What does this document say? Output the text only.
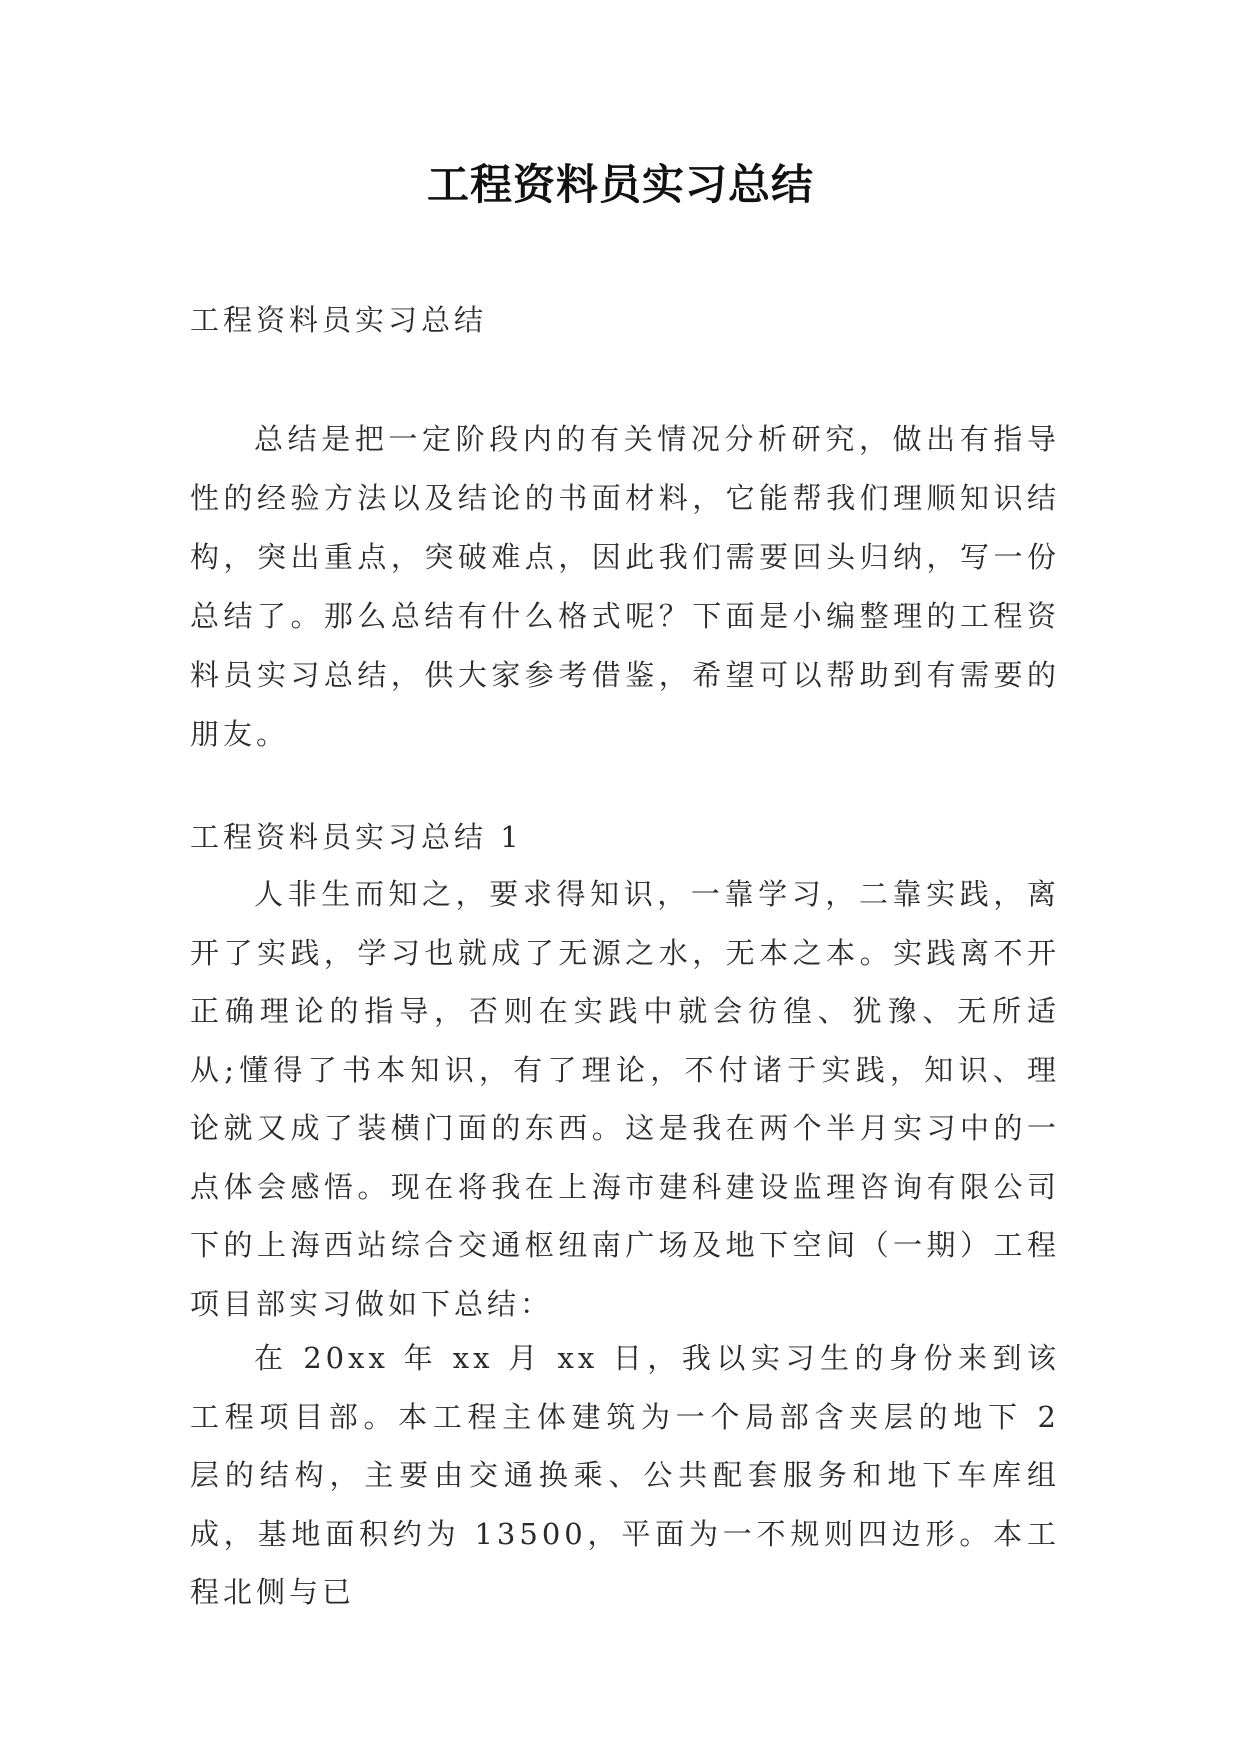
工程资料员实习总结
工程资料员实习总结
总结是把一定阶段内的有关情况分析研究，做出有指导性的经验方法以及结论的书面材料，它能帮我们理顺知识结构，突出重点，突破难点，因此我们需要回头归纳，写一份总结了。那么总结有什么格式呢？下面是小编整理的工程资料员实习总结，供大家参考借鉴，希望可以帮助到有需要的朋友。
工程资料员实习总结 1
人非生而知之，要求得知识，一靠学习，二靠实践，离开了实践，学习也就成了无源之水，无本之本。实践离不开正确理论的指导，否则在实践中就会彷徨、犹豫、无所适从;懂得了书本知识，有了理论，不付诸于实践，知识、理论就又成了装横门面的东西。这是我在两个半月实习中的一点体会感悟。现在将我在上海市建科建设监理咨询有限公司下的上海西站综合交通枢纽南广场及地下空间（一期）工程项目部实习做如下总结：
在 20xx 年 xx 月 xx 日，我以实习生的身份来到该工程项目部。本工程主体建筑为一个局部含夹层的地下 2 层的结构，主要由交通换乘、公共配套服务和地下车库组成，基地面积约为 13500，平面为一不规则四边形。本工程北侧与已
